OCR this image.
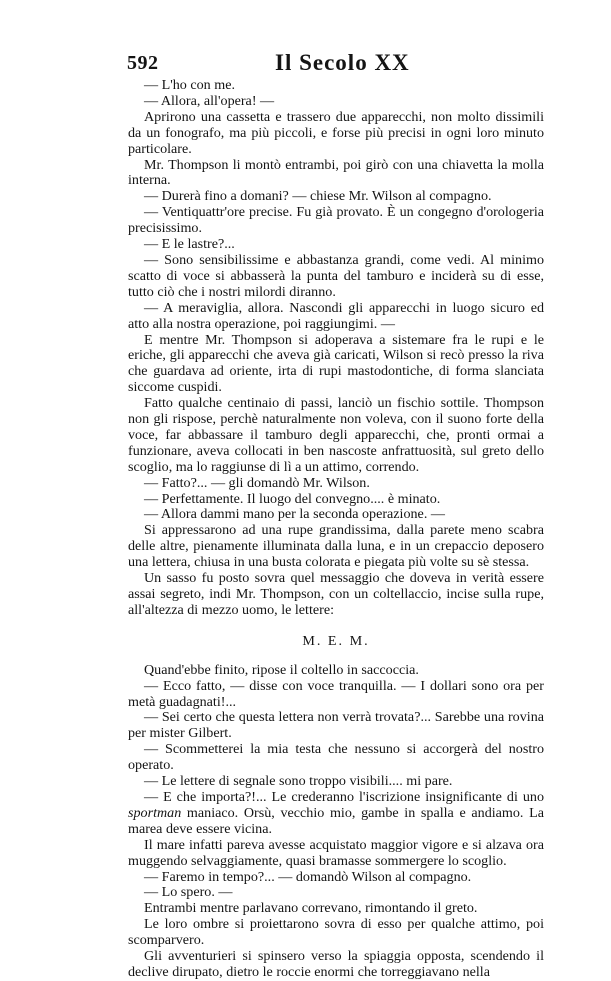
592	Il Secolo XX

— L'ho con me.

— Allora, all'opera! —

Aprirono una cassetta e trassero due apparecchi, non molto dissimili da un fonografo, ma più piccoli, e forse più precisi in ogni loro minuto particolare.

Mr. Thompson li montò entrambi, poi girò con una chiavetta la molla interna.

— Durerà fino a domani? — chiese Mr. Wilson al compagno.

— Ventiquattr'ore precise. Fu già provato. È un congegno d'orologeria precisissimo.

— E le lastre?...

— Sono sensibilissime e abbastanza grandi, come vedi. Al minimo scatto di voce si abbasserà la punta del tamburo e inciderà su di esse, tutto ciò che i nostri milordi diranno.

— A meraviglia, allora. Nascondi gli apparecchi in luogo sicuro ed atto alla nostra operazione, poi raggiungimi. —

E mentre Mr. Thompson si adoperava a sistemare fra le rupi e le eriche, gli apparecchi che aveva già caricati, Wilson si recò presso la riva che guardava ad oriente, irta di rupi mastodontiche, di forma slanciata siccome cuspidi.

Fatto qualche centinaio di passi, lanciò un fischio sottile. Thompson non gli rispose, perchè naturalmente non voleva, con il suono forte della voce, far abbassare il tamburo degli apparecchi, che, pronti ormai a funzionare, aveva collocati in ben nascoste anfrattuosità, sul greto dello scoglio, ma lo raggiunse di lì a un attimo, correndo.

— Fatto?... — gli domandò Mr. Wilson.

— Perfettamente. Il luogo del convegno.... è minato.

— Allora dammi mano per la seconda operazione. —

Si appressarono ad una rupe grandissima, dalla parete meno scabra delle altre, pienamente illuminata dalla luna, e in un crepaccio deposero una lettera, chiusa in una busta colorata e piegata più volte su sè stessa.

Un sasso fu posto sovra quel messaggio che doveva in verità essere assai segreto, indi Mr. Thompson, con un coltellaccio, incise sulla rupe, all'altezza di mezzo uomo, le lettere:

M. E. M.

Quand'ebbe finito, ripose il coltello in saccoccia.

— Ecco fatto, — disse con voce tranquilla. — I dollari sono ora per metà guadagnati!...

— Sei certo che questa lettera non verrà trovata?... Sarebbe una rovina per mister Gilbert.

— Scommetterei la mia testa che nessuno si accorgerà del nostro operato.

— Le lettere di segnale sono troppo visibili.... mi pare.

— E che importa?!... Le crederanno l'iscrizione insignificante di uno sportman maniaco. Orsù, vecchio mio, gambe in spalla e andiamo. La marea deve essere vicina.

Il mare infatti pareva avesse acquistato maggior vigore e si alzava ora muggendo selvaggiamente, quasi bramasse sommergere lo scoglio.

— Faremo in tempo?... — domandò Wilson al compagno.

— Lo spero. —

Entrambi mentre parlavano correvano, rimontando il greto.

Le loro ombre si proiettarono sovra di esso per qualche attimo, poi scomparvero.

Gli avventurieri si spinsero verso la spiaggia opposta, scendendo il declive dirupato, dietro le roccie enormi che torreggiavano nella
